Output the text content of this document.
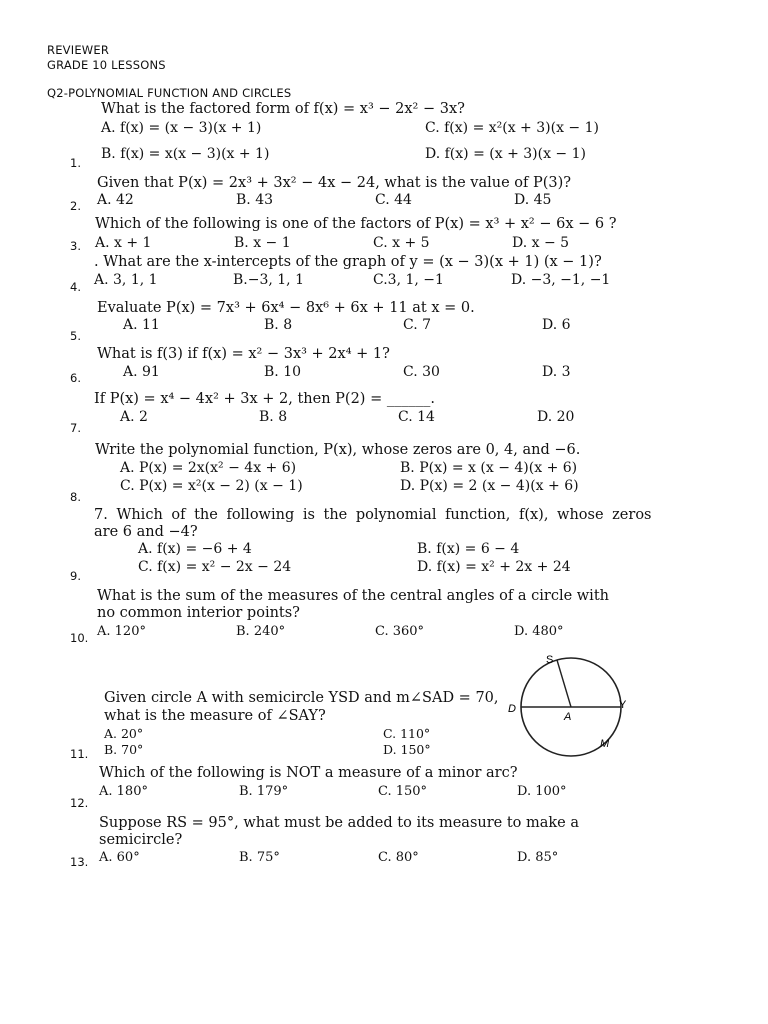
REVIEWER
GRADE 10 LESSONS
Q2-POLYNOMIAL FUNCTION AND CIRCLES
What is the factored form of f(x) = x³ − 2x² − 3x?
A. f(x) = (x − 3)(x + 1)	C. f(x) = x²(x + 3)(x − 1)
1.
B. f(x) = x(x − 3)(x + 1)	D. f(x) = (x + 3)(x − 1)
Given that P(x) = 2x³ + 3x² − 4x − 24, what is the value of P(3)?
2. A. 42	B. 43	C. 44	D. 45
Which of the following is one of the factors of P(x) = x³ + x² − 6x − 6 ?
3. A. x + 1	B. x − 1	C. x + 5	D. x − 5
. What are the x-intercepts of the graph of y = (x − 3)(x + 1) (x − 1)?
4. A. 3, 1, 1	B.−3, 1, 1	C.3, 1, −1	D. −3, −1, −1
Evaluate P(x) = 7x³ + 6x⁴ − 8x⁶ + 6x + 11 at x = 0.
5.
A. 11	B. 8	C. 7	D. 6
What is f(3) if f(x) = x² − 3x³ + 2x⁴ + 1?
6.	A. 91	B. 10	C. 30	D. 3
If P(x) = x⁴ − 4x² + 3x + 2, then P(2) = ______.
7.
A. 2	B. 8	C. 14	D. 20
Write the polynomial function, P(x), whose zeros are 0, 4, and −6.
A. P(x) = 2x(x² − 4x + 6)	B. P(x) = x (x − 4)(x + 6)
8.
C. P(x) = x²(x − 2) (x − 1)	D. P(x) = 2 (x − 4)(x + 6)
7. Which of the following is the polynomial function, f(x), whose zeros
are 6 and −4?
A. f(x) = −6 + 4	B. f(x) = 6 − 4
9.
C. f(x) = x² − 2x − 24	D. f(x) = x² + 2x + 24
What is the sum of the measures of the central angles of a circle with
no common interior points?
10. A. 120°	B. 240°	C. 360°	D. 480°
Given circle A with semicircle YSD and m∠SAD = 70,
what is the measure of ∠SAY?
A. 20°	C. 110°
11. B. 70°	D. 150°
S
D
A
Y
M
Which of the following is NOT a measure of a minor arc?
12.
A. 180°	B. 179°	C. 150°	D. 100°
Suppose RS = 95°, what must be added to its measure to make a
semicircle?
13. A. 60°	B. 75°	C. 80°	D. 85°
